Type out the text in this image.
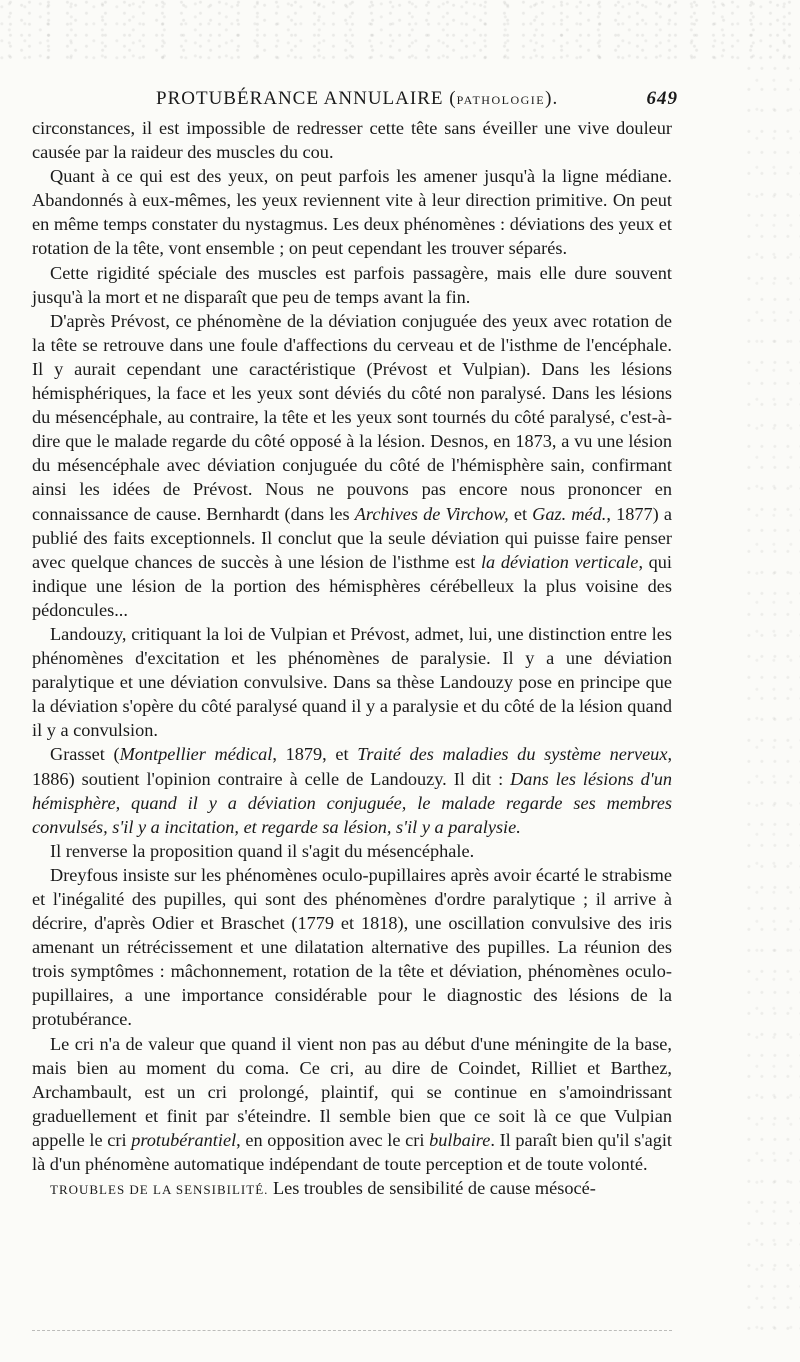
PROTUBÉRANCE ANNULAIRE (PATHOLOGIE).	649

circonstances, il est impossible de redresser cette tête sans éveiller une vive douleur causée par la raideur des muscles du cou.

Quant à ce qui est des yeux, on peut parfois les amener jusqu'à la ligne médiane. Abandonnés à eux-mêmes, les yeux reviennent vite à leur direction primitive. On peut en même temps constater du nystagmus. Les deux phénomènes : déviations des yeux et rotation de la tête, vont ensemble ; on peut cependant les trouver séparés.

Cette rigidité spéciale des muscles est parfois passagère, mais elle dure souvent jusqu'à la mort et ne disparaît que peu de temps avant la fin.

D'après Prévost, ce phénomène de la déviation conjuguée des yeux avec rotation de la tête se retrouve dans une foule d'affections du cerveau et de l'isthme de l'encéphale. Il y aurait cependant une caractéristique (Prévost et Vulpian). Dans les lésions hémisphériques, la face et les yeux sont déviés du côté non paralysé. Dans les lésions du mésencéphale, au contraire, la tête et les yeux sont tournés du côté paralysé, c'est-à-dire que le malade regarde du côté opposé à la lésion. Desnos, en 1873, a vu une lésion du mésencéphale avec déviation conjuguée du côté de l'hémisphère sain, confirmant ainsi les idées de Prévost. Nous ne pouvons pas encore nous prononcer en connaissance de cause. Bernhardt (dans les Archives de Virchow, et Gaz. méd., 1877) a publié des faits exceptionnels. Il conclut que la seule déviation qui puisse faire penser avec quelque chances de succès à une lésion de l'isthme est la déviation verticale, qui indique une lésion de la portion des hémisphères cérébelleux la plus voisine des pédoncules...

Landouzy, critiquant la loi de Vulpian et Prévost, admet, lui, une distinction entre les phénomènes d'excitation et les phénomènes de paralysie. Il y a une déviation paralytique et une déviation convulsive. Dans sa thèse Landouzy pose en principe que la déviation s'opère du côté paralysé quand il y a paralysie et du côté de la lésion quand il y a convulsion.

Grasset (Montpellier médical, 1879, et Traité des maladies du système nerveux, 1886) soutient l'opinion contraire à celle de Landouzy. Il dit : Dans les lésions d'un hémisphère, quand il y a déviation conjuguée, le malade regarde ses membres convulsés, s'il y a incitation, et regarde sa lésion, s'il y a paralysie.

Il renverse la proposition quand il s'agit du mésencéphale.

Dreyfous insiste sur les phénomènes oculo-pupillaires après avoir écarté le strabisme et l'inégalité des pupilles, qui sont des phénomènes d'ordre paralytique ; il arrive à décrire, d'après Odier et Braschet (1779 et 1818), une oscillation convulsive des iris amenant un rétrécissement et une dilatation alternative des pupilles. La réunion des trois symptômes : mâchonnement, rotation de la tête et déviation, phénomènes oculo-pupillaires, a une importance considérable pour le diagnostic des lésions de la protubérance.

Le cri n'a de valeur que quand il vient non pas au début d'une méningite de la base, mais bien au moment du coma. Ce cri, au dire de Coindet, Rilliet et Barthez, Archambault, est un cri prolongé, plaintif, qui se continue en s'amoindrissant graduellement et finit par s'éteindre. Il semble bien que ce soit là ce que Vulpian appelle le cri protubérantiel, en opposition avec le cri bulbaire. Il paraît bien qu'il s'agit là d'un phénomène automatique indépendant de toute perception et de toute volonté.

TROUBLES DE LA SENSIBILITÉ. Les troubles de sensibilité de cause mésocé-
